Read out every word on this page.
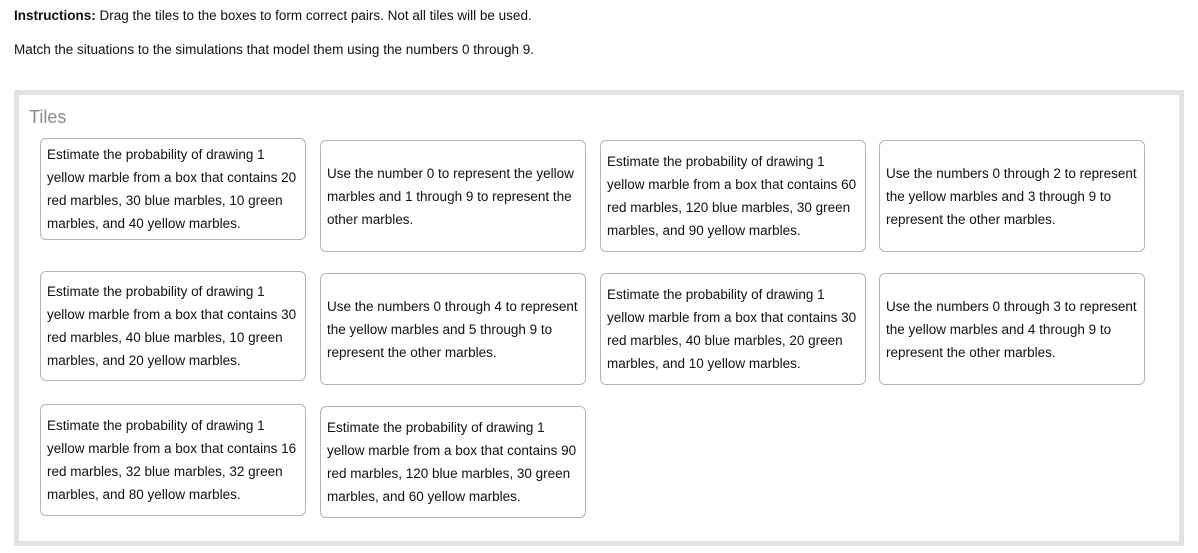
Instructions: Drag the tiles to the boxes to form correct pairs. Not all tiles will be used.
Match the situations to the simulations that model them using the numbers 0 through 9.
Tiles
Estimate the probability of drawing 1 yellow marble from a box that contains 20 red marbles, 30 blue marbles, 10 green marbles, and 40 yellow marbles.
Use the number 0 to represent the yellow marbles and 1 through 9 to represent the other marbles.
Estimate the probability of drawing 1 yellow marble from a box that contains 60 red marbles, 120 blue marbles, 30 green marbles, and 90 yellow marbles.
Use the numbers 0 through 2 to represent the yellow marbles and 3 through 9 to represent the other marbles.
Estimate the probability of drawing 1 yellow marble from a box that contains 30 red marbles, 40 blue marbles, 10 green marbles, and 20 yellow marbles.
Use the numbers 0 through 4 to represent the yellow marbles and 5 through 9 to represent the other marbles.
Estimate the probability of drawing 1 yellow marble from a box that contains 30 red marbles, 40 blue marbles, 20 green marbles, and 10 yellow marbles.
Use the numbers 0 through 3 to represent the yellow marbles and 4 through 9 to represent the other marbles.
Estimate the probability of drawing 1 yellow marble from a box that contains 16 red marbles, 32 blue marbles, 32 green marbles, and 80 yellow marbles.
Estimate the probability of drawing 1 yellow marble from a box that contains 90 red marbles, 120 blue marbles, 30 green marbles, and 60 yellow marbles.
